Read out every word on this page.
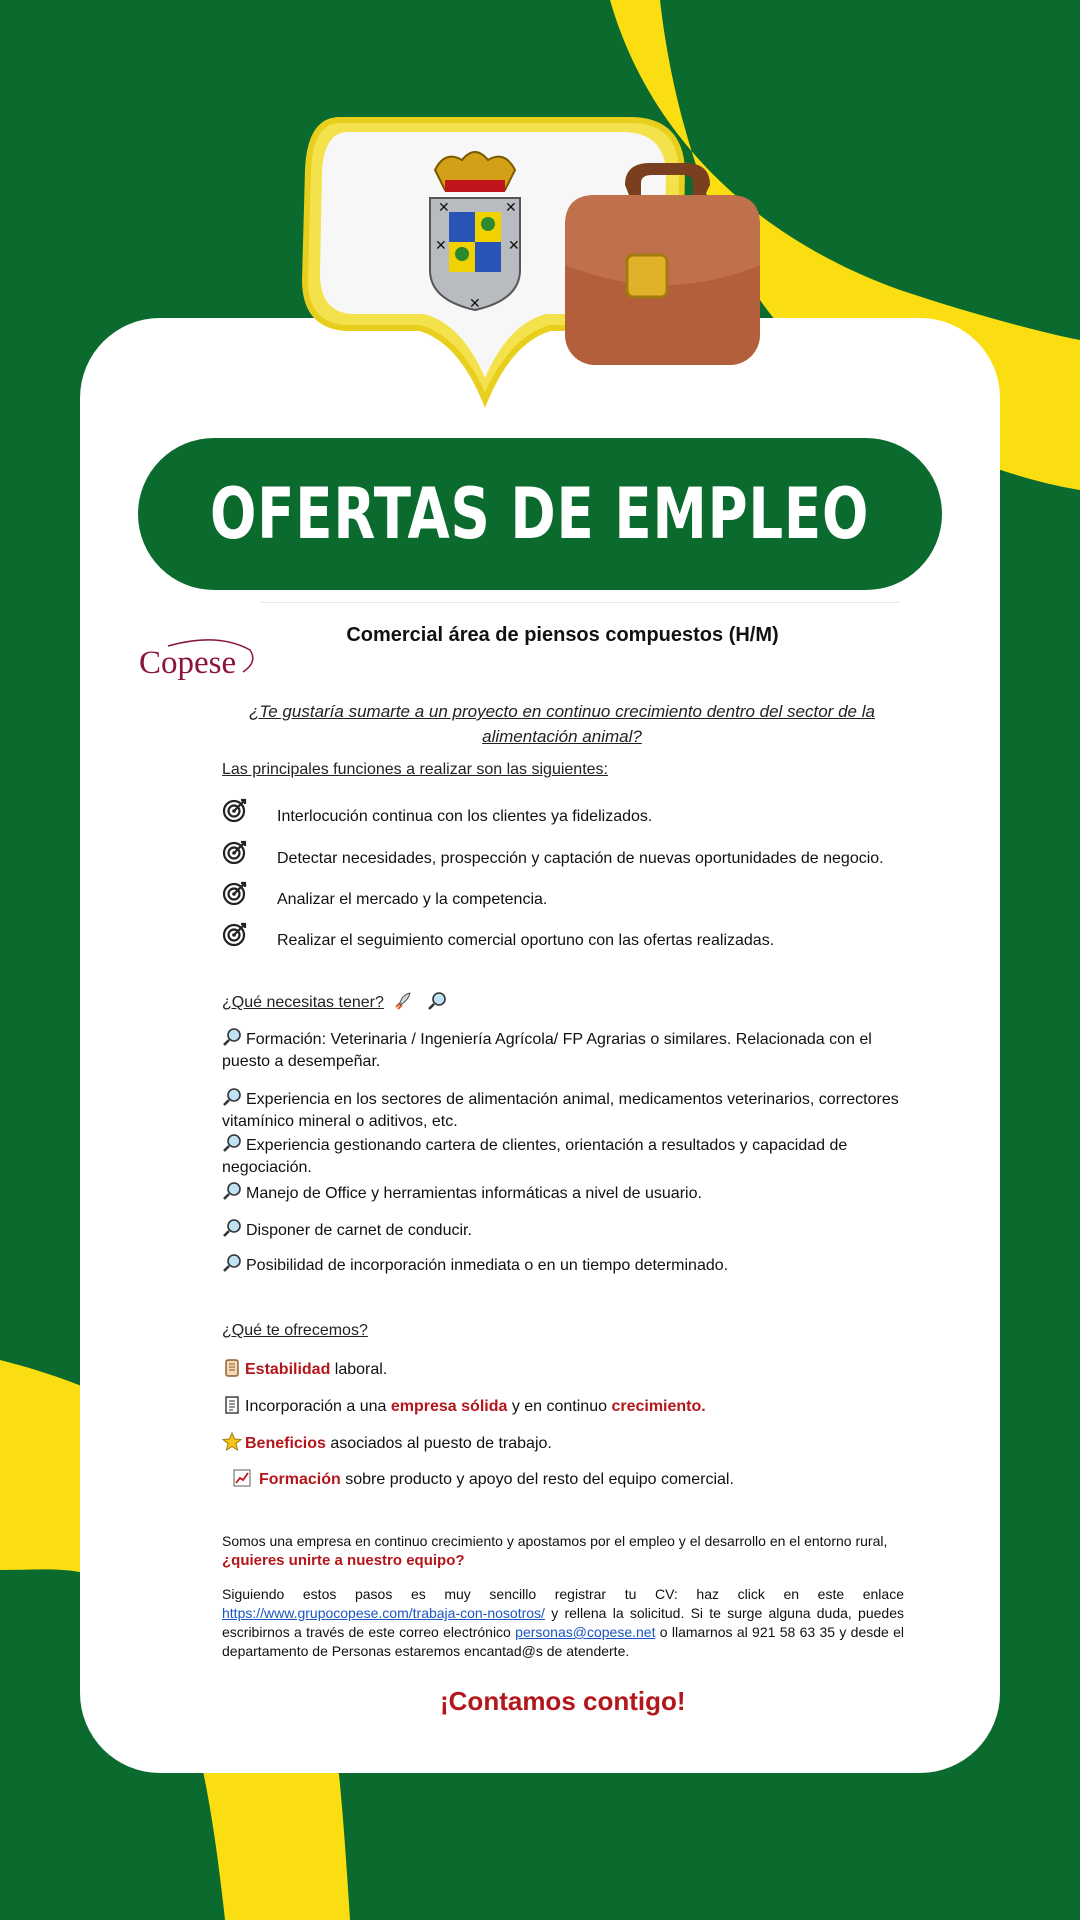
✕	✕
✕	✕
✕
OFERTAS DE EMPLEO
Copese
Comercial área de piensos compuestos (H/M)
¿Te gustaría sumarte a un proyecto en continuo crecimiento dentro del sector de la alimentación animal?
Las principales funciones a realizar son las siguientes:
Interlocución continua con los clientes ya fidelizados.
Detectar necesidades, prospección y captación de nuevas oportunidades de negocio.
Analizar el mercado y la competencia.
Realizar el seguimiento comercial oportuno con las ofertas realizadas.
¿Qué necesitas tener?
Formación: Veterinaria / Ingeniería Agrícola/ FP Agrarias o similares. Relacionada con el puesto a desempeñar.
Experiencia en los sectores de alimentación animal, medicamentos veterinarios, correctores vitamínico mineral o aditivos, etc.
Experiencia gestionando cartera de clientes, orientación a resultados y capacidad de negociación.
Manejo de Office y herramientas informáticas a nivel de usuario.
Disponer de carnet de conducir.
Posibilidad de incorporación inmediata o en un tiempo determinado.
¿Qué te ofrecemos?
Estabilidad laboral.
Incorporación a una empresa sólida y en continuo crecimiento.
Beneficios asociados al puesto de trabajo.
Formación sobre producto y apoyo del resto del equipo comercial.
Somos una empresa en continuo crecimiento y apostamos por el empleo y el desarrollo en el entorno rural,
¿quieres unirte a nuestro equipo?
Siguiendo estos pasos es muy sencillo registrar tu CV: haz click en este enlace https://www.grupocopese.com/trabaja-con-nosotros/ y rellena la solicitud. Si te surge alguna duda, puedes escribirnos a través de este correo electrónico personas@copese.net o llamarnos al 921 58 63 35 y desde el departamento de Personas estaremos encantad@s de atenderte.
¡Contamos contigo!
